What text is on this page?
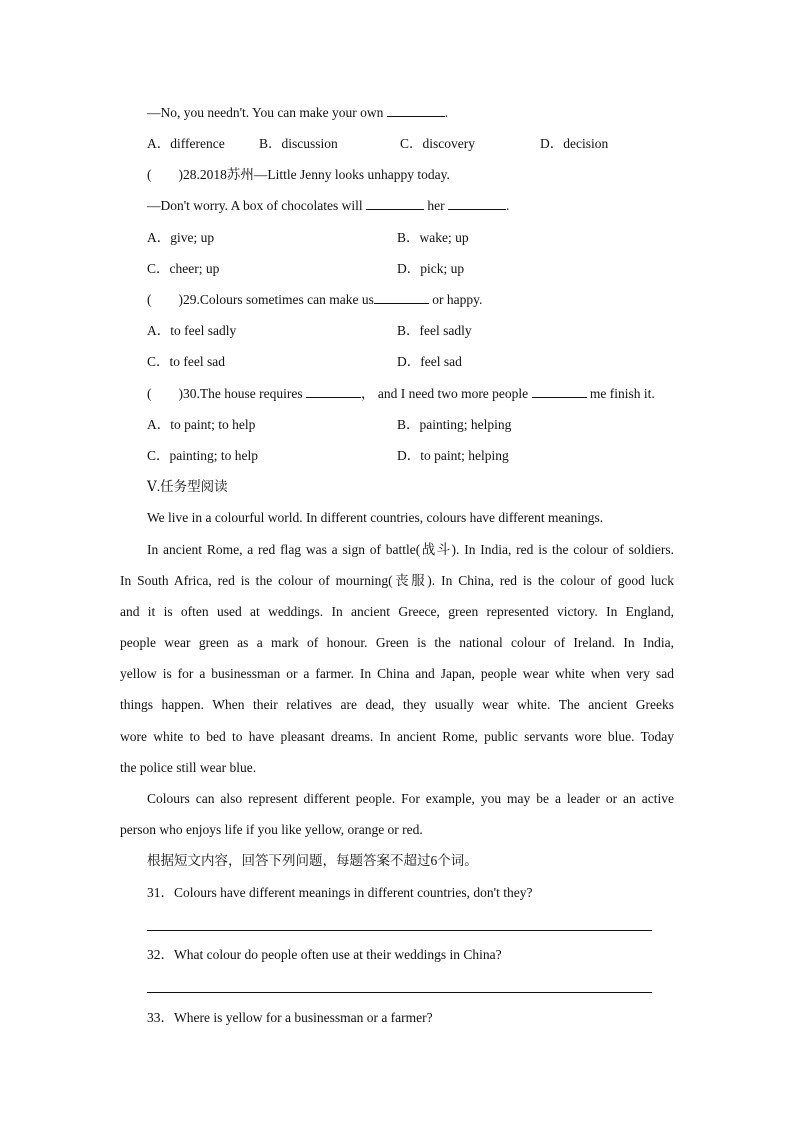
—No, you needn't. You can make your own	.
A．difference	B．discussion	C．discovery	D．decision
(　　)28.2018苏州—Little Jenny looks unhappy today.
—Don't worry. A box of chocolates will	her	.
A．give; up	B．wake; up
C．cheer; up	D．pick; up
(　　)29.Colours sometimes can make us	or happy.
A．to feel sadly	B．feel sadly
C．to feel sad	D．feel sad
(　　)30.The house requires	， and I need two more people	me finish it.
A．to paint; to help	B．painting; helping
C．painting; to help	D．to paint; helping
Ⅴ.任务型阅读
We live in a colourful world. In different countries, colours have different meanings.
In ancient Rome, a red flag was a sign of battle(战斗). In India, red is the colour of soldiers.
In South Africa, red is the colour of mourning(丧服). In China, red is the colour of good luck
and it is often used at weddings. In ancient Greece, green represented victory. In England,
people wear green as a mark of honour. Green is the national colour of Ireland. In India,
yellow is for a businessman or a farmer. In China and Japan, people wear white when very sad
things happen. When their relatives are dead, they usually wear white. The ancient Greeks
wore white to bed to have pleasant dreams. In ancient Rome, public servants wore blue. Today
the police still wear blue.
Colours can also represent different people. For example, you may be a leader or an active
person who enjoys life if you like yellow, orange or red.
根据短文内容，回答下列问题，每题答案不超过6个词。
31．Colours have different meanings in different countries, don't they?
32．What colour do people often use at their weddings in China?
33．Where is yellow for a businessman or a farmer?
